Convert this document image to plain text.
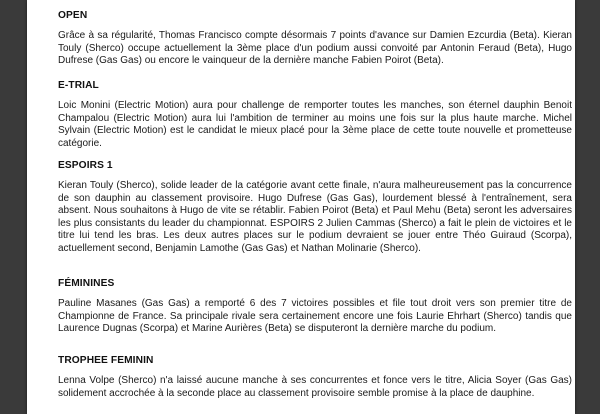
OPEN

Grâce à sa régularité, Thomas Francisco compte désormais 7 points d'avance sur Damien Ezcurdia (Beta). Kieran Touly (Sherco) occupe actuellement la 3ème place d'un podium aussi convoité par Antonin Feraud (Beta), Hugo Dufrese (Gas Gas) ou encore le vainqueur de la dernière manche Fabien Poirot (Beta).

E-TRIAL

Loic Monini (Electric Motion) aura pour challenge de remporter toutes les manches, son éternel dauphin Benoit Champalou (Electric Motion) aura lui l'ambition de terminer au moins une fois sur la plus haute marche. Michel Sylvain (Electric Motion) est le candidat le mieux placé pour la 3ème place de cette toute nouvelle et prometteuse catégorie.

ESPOIRS 1

Kieran Touly (Sherco), solide leader de la catégorie avant cette finale, n'aura malheureusement pas la concurrence de son dauphin au classement provisoire. Hugo Dufrese (Gas Gas), lourdement blessé à l'entraînement, sera absent. Nous souhaitons à Hugo de vite se rétablir. Fabien Poirot (Beta) et Paul Mehu (Beta) seront les adversaires les plus consistants du leader du championnat. ESPOIRS 2 Julien Cammas (Sherco) a fait le plein de victoires et le titre lui tend les bras. Les deux autres places sur le podium devraient se jouer entre Théo Guiraud (Scorpa), actuellement second, Benjamin Lamothe (Gas Gas) et Nathan Molinarie (Sherco).

FÉMININES

Pauline Masanes (Gas Gas) a remporté 6 des 7 victoires possibles et file tout droit vers son premier titre de Championne de France. Sa principale rivale sera certainement encore une fois Laurie Ehrhart (Sherco) tandis que Laurence Dugnas (Scorpa) et Marine Aurières (Beta) se disputeront la dernière marche du podium.

TROPHEE FEMININ

Lenna Volpe (Sherco) n'a laissé aucune manche à ses concurrentes et fonce vers le titre, Alicia Soyer (Gas Gas) solidement accrochée à la seconde place au classement provisoire semble promise à la place de dauphine.
